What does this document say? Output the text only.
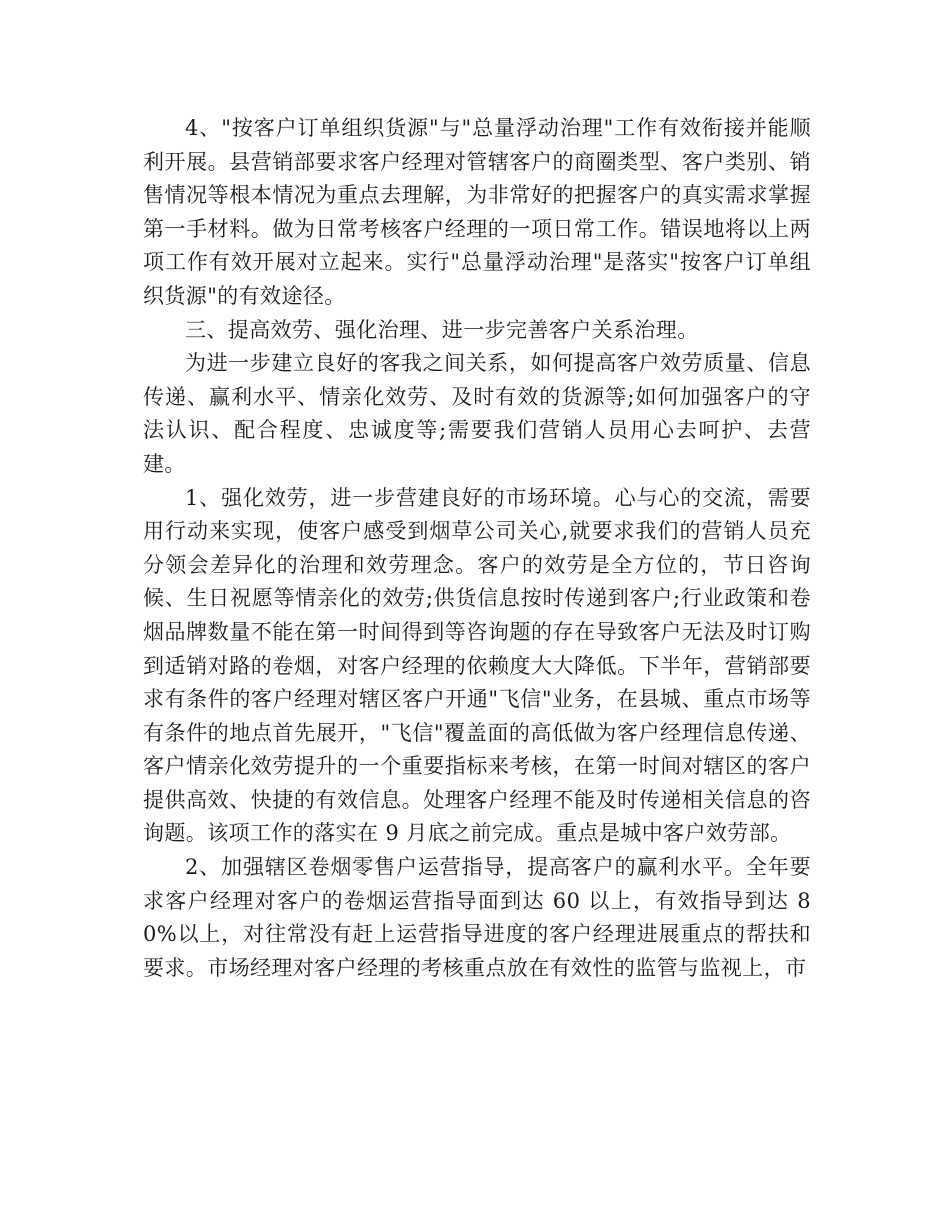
4、"按客户订单组织货源"与"总量浮动治理"工作有效衔接并能顺利开展。县营销部要求客户经理对管辖客户的商圈类型、客户类别、销售情况等根本情况为重点去理解，为非常好的把握客户的真实需求掌握第一手材料。做为日常考核客户经理的一项日常工作。错误地将以上两项工作有效开展对立起来。实行"总量浮动治理"是落实"按客户订单组织货源"的有效途径。

三、提高效劳、强化治理、进一步完善客户关系治理。

为进一步建立良好的客我之间关系，如何提高客户效劳质量、信息传递、赢利水平、情亲化效劳、及时有效的货源等;如何加强客户的守法认识、配合程度、忠诚度等;需要我们营销人员用心去呵护、去营建。

1、强化效劳，进一步营建良好的市场环境。心与心的交流，需要用行动来实现，使客户感受到烟草公司关心,就要求我们的营销人员充分领会差异化的治理和效劳理念。客户的效劳是全方位的，节日咨询候、生日祝愿等情亲化的效劳;供货信息按时传递到客户;行业政策和卷烟品牌数量不能在第一时间得到等咨询题的存在导致客户无法及时订购到适销对路的卷烟，对客户经理的依赖度大大降低。下半年，营销部要求有条件的客户经理对辖区客户开通"飞信"业务，在县城、重点市场等有条件的地点首先展开，"飞信"覆盖面的高低做为客户经理信息传递、客户情亲化效劳提升的一个重要指标来考核，在第一时间对辖区的客户提供高效、快捷的有效信息。处理客户经理不能及时传递相关信息的咨询题。该项工作的落实在 9 月底之前完成。重点是城中客户效劳部。

2、加强辖区卷烟零售户运营指导，提高客户的赢利水平。全年要求客户经理对客户的卷烟运营指导面到达 60 以上，有效指导到达 80%以上，对往常没有赶上运营指导进度的客户经理进展重点的帮扶和要求。市场经理对客户经理的考核重点放在有效性的监管与监视上，市
